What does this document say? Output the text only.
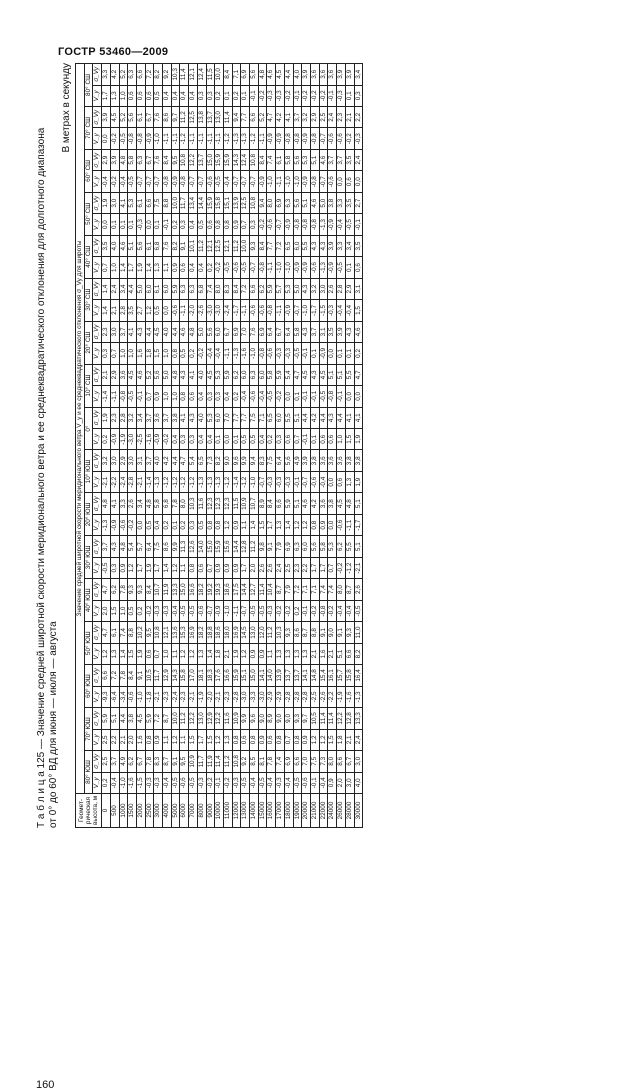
ГОСТР 53460—2009
Т а б л и ц а 125 — Значение средней широтной скорости меридионального ветра и ее среднеквадратического отклонения для долготного диапазона от 0° до 60° ВД для июня — июля — августа
В метрах в секунду
Геомет-рическая высота, м	Значение средней широтной скорости меридионального ветра V_y и ее среднеквадратического отклонения σ_Vy для широты																																	
	80° ЮШ		70° ЮШ		60° ЮШ		50° ЮШ		40° ЮШ		30° ЮШ		20° ЮШ		10° ЮШ		0°		10° СШ		20° СШ		30° СШ		40° СШ		50° СШ		60° СШ		70° СШ		80° СШ	
	V_y	σ_Vy	V_y	σ_Vy	V_y	σ_Vy	V_y	σ_Vy	V_y	σ_Vy	V_y	σ_Vy	V_y	σ_Vy	V_y	σ_Vy	V_y	σ_Vy	V_y	σ_Vy	V_y	σ_Vy	V_y	σ_Vy	V_y	σ_Vy	V_y	σ_Vy	V_y	σ_Vy	V_y	σ_Vy	V_y	σ_Vy
0	0,2	2,5	2,5	5,9	-9,3	6,6	1,2	4,7	2,0	4,7	-0,5	3,7	-1,3	4,8	-2,1	3,2	0,2	1,9	-1,4	2,1	0,3	2,3	1,4	1,4	0,7	3,5	0,0	1,9	-0,4	2,9	0,0	3,9	1,7	3,3
500	-0,4	3,7	2,2	5,1	-6,4	7,2	1,3	6,1	1,5	6,2	0,3	4,3	-0,9	4,1	-2,2	3,0	-0,9	2,3	-1,1	2,9	0,7	3,0	2,1	2,4	1,0	4,0	0,1	3,0	-0,2	3,9	-0,2	4,5	1,3	4,2
1000	-1,0	4,9	2,1	4,4	-3,4	7,8	1,4	7,4	1,0	7,8	0,9	4,8	-0,6	3,3	-2,4	2,9	-1,9	2,8	-0,8	3,6	1,0	3,7	2,8	3,4	1,4	4,6	0,1	4,1	-0,4	4,8	-0,5	5,2	1,0	5,2
1500	-1,6	6,2	2,0	3,8	-0,6	8,4	1,5	8,8	0,5	9,3	1,2	5,4	-0,2	2,6	-2,8	3,0	-3,0	3,2	-0,5	4,5	1,0	4,1	3,5	4,4	1,7	5,1	0,1	5,3	-0,5	5,8	-0,8	5,6	0,6	6,3
2000	-1,5	6,7	1,6	4,5	-1,0	9,1	1,9	10,2	0,2	9,3	1,7	5,7	0,0	3,4	-2,1	3,1	-2,5	3,4	-0,1	4,6	1,6	4,3	2,7	5,0	1,9	5,6	-0,3	6,1	-0,7	6,3	-0,8	6,1	0,6	6,6
2500	-0,3	7,8	0,8	5,9	-1,8	10,5	0,6	9,5	-0,2	8,4	1,9	6,4	0,5	4,8	-1,4	3,7	-1,6	3,7	0,7	5,2	1,8	4,4	1,2	6,0	1,4	6,1	0,0	6,6	-0,7	6,7	-0,9	6,7	0,6	7,2
3000	-0,3	8,3	0,9	7,2	-2,1	11,7	0,7	10,8	-0,3	10,7	1,7	7,5	0,4	5,8	-1,3	4,0	-0,9	3,6	0,9	5,6	1,5	4,5	0,5	6,1	1,3	6,8	0,1	7,5	-0,7	7,6	-1,0	7,6	0,5	8,2
4000	-0,4	8,7	1,1	8,7	-2,3	12,9	1,0	12,1	-0,3	11,9	1,4	8,6	0,2	6,8	-1,2	4,2	-0,2	3,7	1,0	5,0	1,0	4,0	0,0	6,0	1,1	7,6	-0,1	8,8	-0,8	8,4	-1,1	8,6	0,4	9,2
5000	-0,5	9,1	1,2	10,0	-2,4	14,3	1,1	13,6	-0,4	13,3	1,2	9,9	0,1	7,8	-1,2	4,4	0,4	3,8	1,0	4,8	0,8	4,4	-0,6	5,9	0,9	8,2	0,2	10,0	-0,9	9,5	-1,1	9,7	0,4	10,3
6000	-0,6	9,5	1,1	11,2	-2,3	15,8	1,2	15,3	-0,5	15,0	1,1	11,3	0,2	8,0	-1,2	4,7	0,3	4,1	0,8	4,3	0,5	4,6	-1,1	6,3	0,6	9,1	0,3	11,7	-0,8	10,8	-1,2	11,2	0,4	11,4
7000	-0,5	10,9	1,5	12,2	-2,1	17,0	1,2	16,9	-0,5	16,6	0,8	12,6	0,3	10,3	-1,2	5,4	0,3	4,3	0,6	4,1	0,2	4,8	-2,0	6,3	0,4	10,1	0,4	13,4	-0,7	12,2	-1,1	12,5	0,4	12,1
8000	-0,3	11,7	1,7	13,0	-1,9	18,1	1,3	18,2	-0,6	18,2	0,6	14,0	0,5	11,6	-1,3	6,5	0,4	4,0	0,4	4,0	-0,2	5,0	-2,6	6,8	0,4	11,2	0,5	14,4	-0,7	13,7	-1,1	13,8	0,3	12,4
9000	-0,2	11,9	1,5	12,9	-2,0	18,3	1,4	18,8	-0,7	19,2	0,7	15,0	0,8	12,3	-1,3	7,3	0,4	5,3	0,3	4,5	-0,4	5,6	-3,0	7,4	0,2	12,1	0,6	15,9	-0,6	15,0	-1,1	13,7	0,3	11,5
10000	-0,1	11,4	1,2	12,2	-2,1	17,6	1,8	18,6	-0,9	19,3	0,9	15,9	0,8	12,3	-1,3	8,2	0,1	6,0	0,3	5,3	-0,4	6,0	-3,0	8,0	-0,2	12,5	0,8	15,8	-0,5	15,9	-1,1	13,0	0,2	10,0
11000	-0,2	11,2	1,3	11,6	-2,3	16,6	2,1	18,0	-1,0	18,6	0,9	15,6	1,2	12,3	-1,2	9,0	0,0	7,0	0,4	5,9	-1,1	6,7	-2,4	8,3	-0,5	12,1	0,8	15,1	-0,4	15,9	-1,2	11,4	0,1	8,4
12000	-0,3	10,8	0,8	10,9	-2,8	15,9	1,9	16,9	-1,1	17,5	0,9	14,4	0,9	11,5	-1,4	9,6	0,1	7,7	0,2	6,2	-1,3	6,9	-1,7	8,4	-0,6	11,2	0,9	13,9	-0,7	14,3	-1,3	9,4	0,2	7,1
13000	-0,5	9,2	0,6	9,9	-3,0	15,1	1,2	14,5	-0,7	14,4	1,7	12,8	1,1	10,9	-1,2	9,9	0,5	7,7	-0,4	6,0	-1,6	7,0	-1,1	7,2	-0,5	10,0	0,7	12,5	-0,7	12,4	-1,3	7,7	0,1	6,9
14000	-0,4	8,5	0,8	9,6	-3,3	15,0	0,9	13,0	-0,5	12,7	2,0	11,2	1,4	10,7	-1,0	9,4	0,5	7,5	-0,6	6,3	-1,0	7,6	-0,6	6,6	-0,7	9,3	0,3	10,8	-0,7	10,8	-1,2	6,6	-0,1	5,6
15000	-0,5	8,1	0,9	9,0	-3,0	14,1	0,9	12,0	-0,5	11,4	2,6	9,8	1,5	8,9	-0,7	8,3	0,4	7,1	-0,4	6,0	-0,8	6,9	-0,6	6,2	-0,8	8,4	-0,2	9,4	-0,9	8,4	-1,1	5,2	-0,2	4,8
16000	-0,4	7,8	0,6	8,9	-2,9	14,0	1,1	11,2	-0,3	10,4	2,6	9,1	1,7	8,4	-0,3	7,5	0,2	6,5	-0,5	5,8	-0,6	6,4	-0,8	5,9	-1,1	7,7	-0,6	8,0	-1,0	7,4	-0,9	4,7	-0,3	4,6
17000	-0,3	7,4	0,8	9,0	-2,9	13,9	1,3	10,3	-0,2	8,7	2,4	7,9	1,3	6,6	-0,3	6,4	0,3	6,0	-0,2	5,9	-0,3	6,7	-1,1	5,7	-1,0	7,2	-0,7	6,9	-1,1	6,1	-0,9	4,2	-0,3	4,5
18000	-0,4	6,9	0,7	9,0	-2,8	13,7	1,3	9,3	-0,2	7,9	2,5	6,9	1,4	5,9	-0,3	5,6	0,6	5,5	0,0	5,4	-0,3	6,4	-0,9	5,3	-1,0	6,5	-0,9	6,3	-1,0	5,8	-0,8	4,1	-0,2	4,4
19000	-0,5	6,6	0,8	9,3	-2,8	13,7	1,3	8,6	0,2	7,2	2,3	6,3	1,2	5,1	-0,1	4,9	0,7	5,1	0,1	4,7	-0,5	5,8	-0,7	5,0	-0,9	6,0	-0,8	5,6	-1,0	5,6	-0,8	3,7	-0,1	4,0
20000	-0,6	7,0	0,9	9,7	-2,8	14,1	1,3	8,7	-0,1	7,1	2,2	6,0	1,2	4,6	-0,7	3,9	-0,1	4,4	-0,1	4,5	-0,1	4,3	-1,0	4,3	-0,9	5,5	-0,8	5,1	-0,9	5,3	-0,9	3,2	-0,2	3,9
21000	-0,1	7,5	1,2	10,5	-2,5	14,8	2,1	8,8	-0,2	7,1	1,7	5,6	0,8	4,2	-0,6	3,8	0,1	4,2	-0,1	4,3	0,1	3,7	-1,7	3,2	-0,6	4,3	-0,8	4,6	-0,8	5,1	-0,8	2,9	-0,2	3,6
22000	-0,4	7,3	1,2	11,4	-2,6	15,4	1,6	9,1	-0,8	7,4	1,7	5,8	0,9	3,6	-0,4	3,6	0,6	4,4	-0,5	4,5	-0,9	3,1	-1,5	3,0	-1,3	4,3	-1,3	5,0	-0,7	4,6	-0,7	2,5	-0,2	3,6
24000	0,9	8,0	1,5	11,4	-2,2	16,1	2,1	9,0	-0,2	7,4	0,7	5,3	0,0	3,8	0,0	3,6	0,6	4,3	-0,8	5,1	0,0	3,5	-0,3	2,6	-0,9	3,9	-0,9	3,8	-0,6	3,7	-0,6	2,4	-0,1	3,6
26000	2,0	8,6	1,8	12,2	-1,9	15,7	5,1	9,1	-0,4	8,0	-0,2	6,2	-0,6	4,5	0,6	3,6	1,0	4,4	-0,1	5,1	0,1	3,9	-0,4	2,8	-0,5	3,3	-0,4	3,3	0,0	3,7	-0,6	2,3	-0,3	3,9
28000	3,0	6,7	2,1	12,8	-1,6	15,8	6,6	9,3	-0,4	8,7	-1,2	5,5	-1,1	4,8	1,3	3,8	1,5	4,1	0,0	5,5	0,1	4,3	-0,4	2,9	0,1	3,4	-0,5	3,5	0,6	3,5	-0,2	2,1	0,1	3,9
30000	4,0	3,0	2,4	13,3	-1,3	16,4	8,2	11,0	-0,5	2,6	-2,1	5,1	-1,7	5,1	1,9	3,8	1,9	4,1	0,0	4,7	0,2	4,6	1,5	3,1	0,6	3,5	-0,1	2,7	0,0	2,4	-0,3	2,2	0,3	3,4
160
